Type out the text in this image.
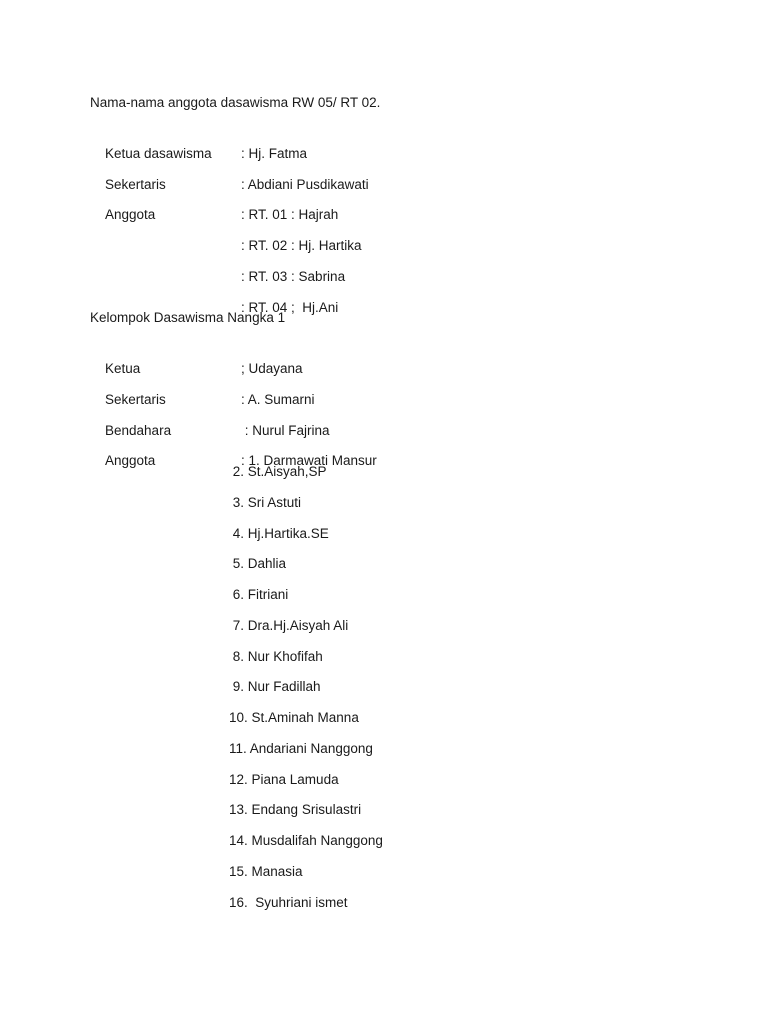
Nama-nama anggota dasawisma RW 05/ RT 02.

Ketua dasawisma : Hj. Fatma

Sekertaris	: Abdiani Pusdikawati

Anggota	: RT. 01 : Hajrah

: RT. 02 : Hj. Hartika

: RT. 03 : Sabrina

: RT. 04 ;  Hj.Ani

Kelompok Dasawisma Nangka 1

Ketua	; Udayana

Sekertaris	: A. Sumarni

Bendahara	: Nurul Fajrina

Anggota	: 1. Darmawati Mansur

2. St.Aisyah,SP
3. Sri Astuti
4. Hj.Hartika.SE
5. Dahlia
6. Fitriani
7. Dra.Hj.Aisyah Ali
8. Nur Khofifah
9. Nur Fadillah
10. St.Aminah Manna
11. Andariani Nanggong
12. Piana Lamuda
13. Endang Srisulastri
14. Musdalifah Nanggong
15. Manasia
16.  Syuhriani ismet
